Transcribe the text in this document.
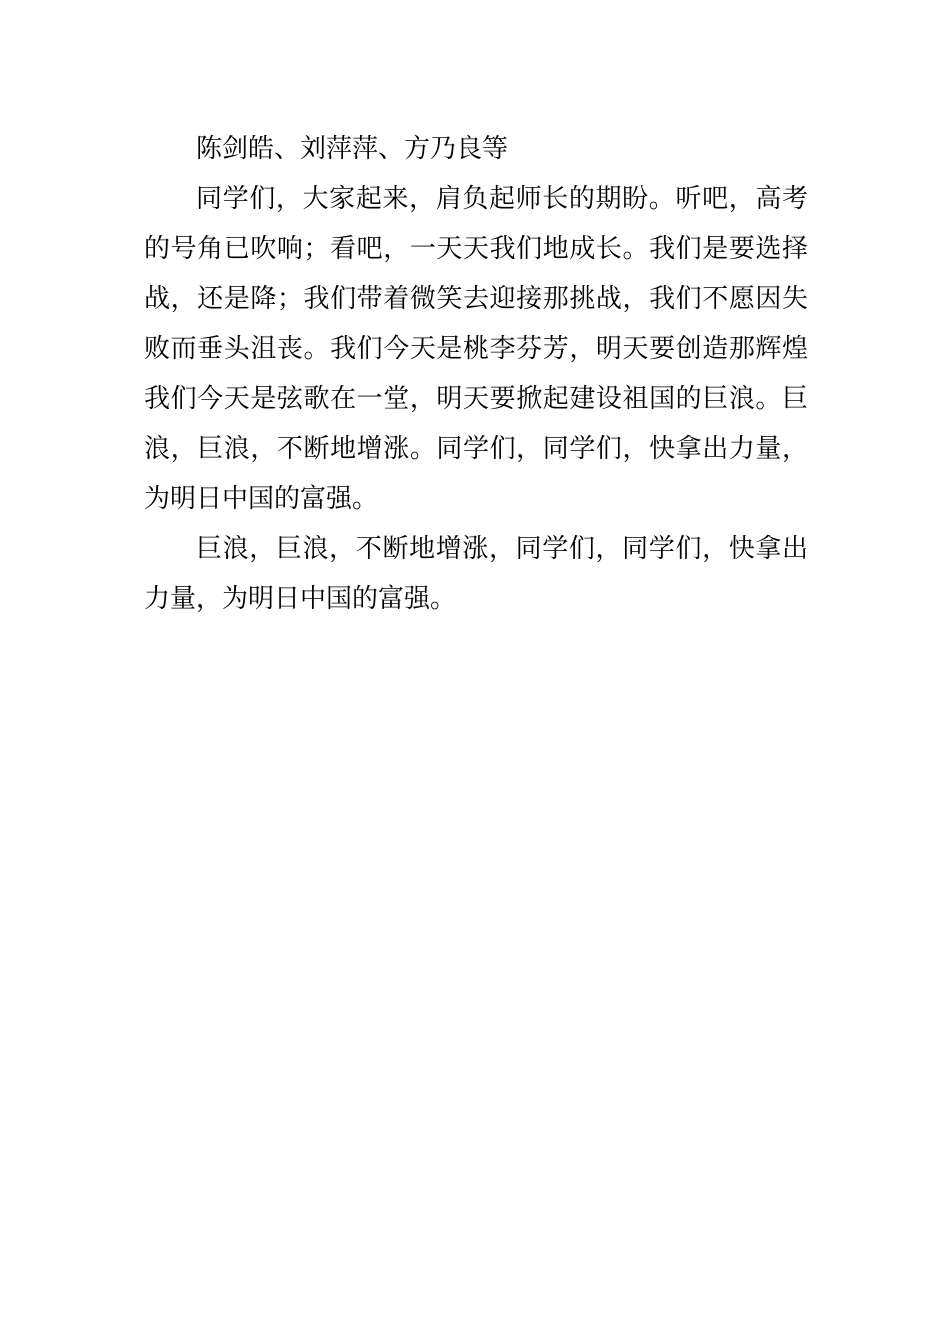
陈剑皓、刘萍萍、方乃良等

同学们，大家起来，肩负起师长的期盼。听吧，高考的号角已吹响；看吧，一天天我们地成长。我们是要选择战，还是降；我们带着微笑去迎接那挑战，我们不愿因失败而垂头沮丧。我们今天是桃李芬芳，明天要创造那辉煌我们今天是弦歌在一堂，明天要掀起建设祖国的巨浪。巨浪，巨浪，不断地增涨。同学们，同学们，快拿出力量，为明日中国的富强。

巨浪，巨浪，不断地增涨，同学们，同学们，快拿出力量，为明日中国的富强。
